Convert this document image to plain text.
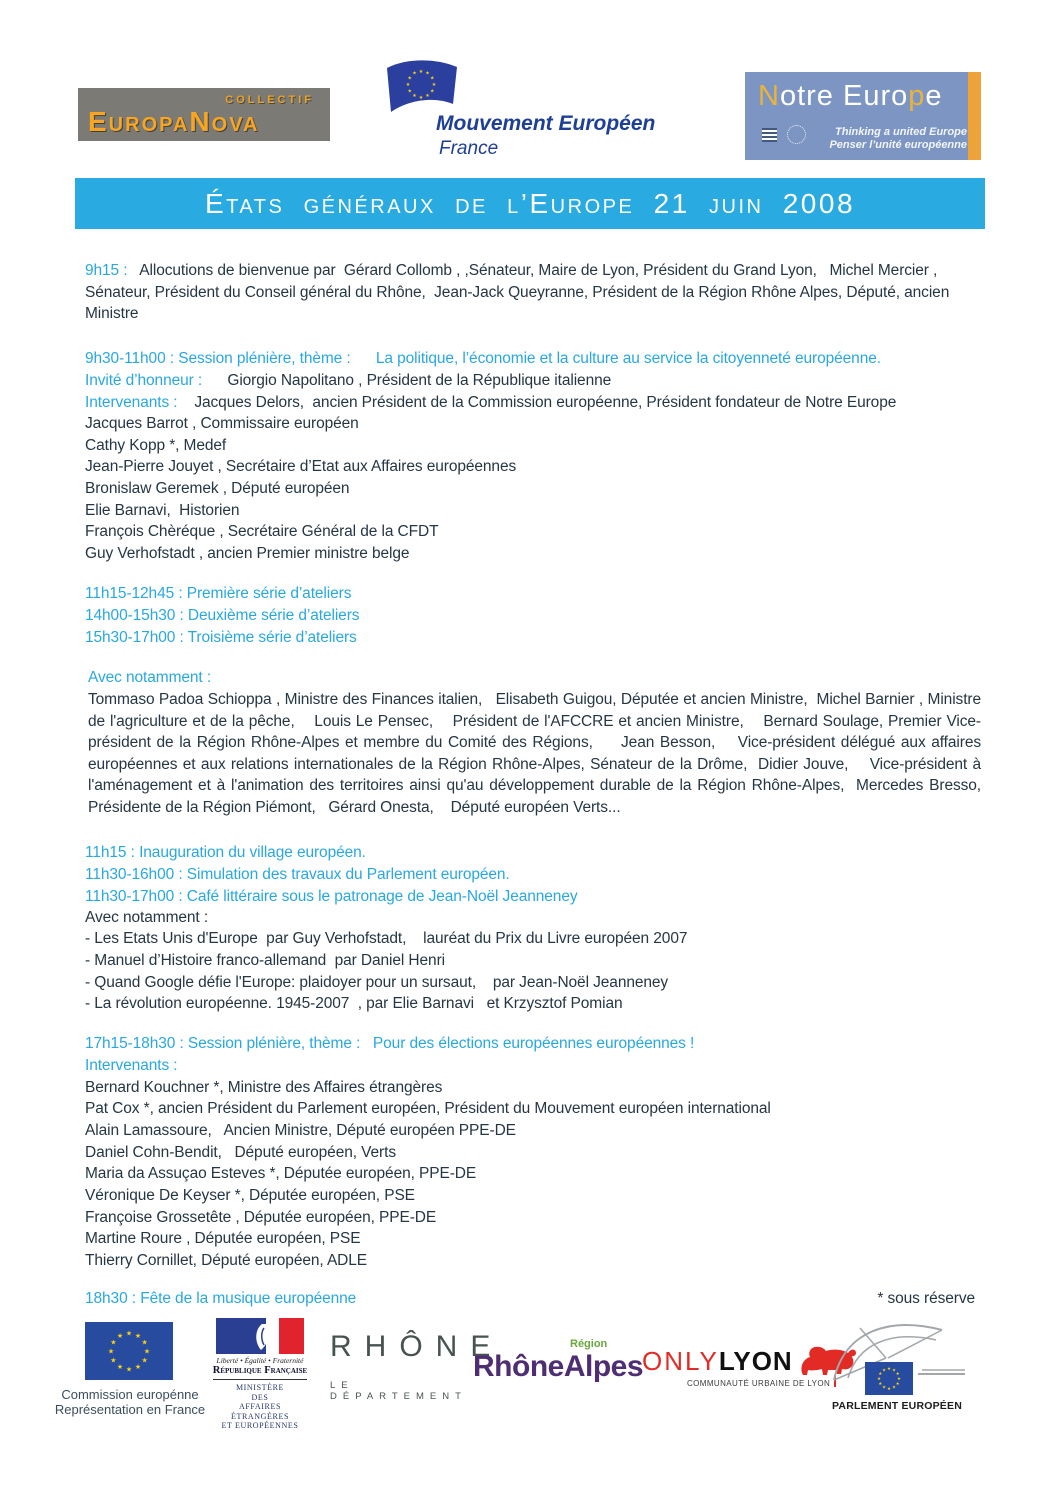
COLLECTIF
EuropaNova
★ ★
★
★
★
★
★
★
★
★
★
★
Mouvement Européen
France
Notre Europe
Thinking a united Europe
Penser l’unité européenne
États généraux de l’Europe 21 juin 2008
9h15 :   Allocutions de bienvenue par  Gérard Collomb , ,Sénateur, Maire de Lyon, Président du Grand Lyon,   Michel Mercier , Sénateur, Président du Conseil général du Rhône,  Jean-Jack Queyranne, Président de la Région Rhône Alpes, Député, ancien Ministre
9h30-11h00 : Session plénière, thème :      La politique, l’économie et la culture au service la citoyenneté européenne.
Invité d’honneur :      Giorgio Napolitano , Président de la République italienne
Intervenants :    Jacques Delors,  ancien Président de la Commission européenne, Président fondateur de Notre Europe
Jacques Barrot , Commissaire européen
Cathy Kopp *, Medef
Jean-Pierre Jouyet , Secrétaire d’Etat aux Affaires européennes
Bronislaw Geremek , Député européen
Elie Barnavi,  Historien
François Chèréque , Secrétaire Général de la CFDT
Guy Verhofstadt , ancien Premier ministre belge
11h15-12h45 : Première série d’ateliers
14h00-15h30 : Deuxième série d’ateliers
15h30-17h00 : Troisième série d’ateliers
Avec notamment :
Tommaso Padoa Schioppa , Ministre des Finances italien,   Elisabeth Guigou, Députée et ancien Ministre,  Michel Barnier , Ministre de l'agriculture et de la pêche,    Louis Le Pensec,    Président de l'AFCCRE et ancien Ministre,    Bernard Soulage, Premier Vice-président de la Région Rhône-Alpes et membre du Comité des Régions,     Jean Besson,    Vice-président délégué aux affaires européennes et aux relations internationales de la Région Rhône-Alpes, Sénateur de la Drôme,  Didier Jouve,    Vice-président à l'aménagement et à l'animation des territoires ainsi qu'au développement durable de la Région Rhône-Alpes,  Mercedes Bresso,    Présidente de la Région Piémont,   Gérard Onesta,    Député européen Verts...
11h15 : Inauguration du village européen.
11h30-16h00 : Simulation des travaux du Parlement européen.
11h30-17h00 : Café littéraire sous le patronage de Jean-Noël Jeanneney
Avec notamment :
- Les Etats Unis d'Europe  par Guy Verhofstadt,    lauréat du Prix du Livre européen 2007
- Manuel d’Histoire franco-allemand  par Daniel Henri
- Quand Google défie l'Europe: plaidoyer pour un sursaut,    par Jean-Noël Jeanneney
- La révolution européenne. 1945-2007  , par Elie Barnavi   et Krzysztof Pomian
17h15-18h30 : Session plénière, thème :   Pour des élections européennes européennes !
Intervenants :
Bernard Kouchner *, Ministre des Affaires étrangères
Pat Cox *, ancien Président du Parlement européen, Président du Mouvement européen international
Alain Lamassoure,   Ancien Ministre, Député européen PPE-DE
Daniel Cohn-Bendit,   Député européen, Verts
Maria da Assuçao Esteves *, Députée européen, PPE-DE
Véronique De Keyser *, Députée européen, PSE
Françoise Grossetête , Députée européen, PPE-DE
Martine Roure , Députée européen, PSE
Thierry Cornillet, Député européen, ADLE
18h30 : Fête de la musique européenne	* sous réserve
★ ★
★
★
★
★
★
★
★
★
★
★
Commission europénne
Représentation en France
Liberté • Égalité • Fraternité
République Française
MINISTÈRE
DES
AFFAIRES ÉTRANGÈRES
ET EUROPÉENNES
RHÔNE
LE DÉPARTEMENT
Région
RhôneAlpes
ONLY LYON
COMMUNAUTÉ URBAINE DE LYON
★ ★
★
★
★
★
★
★
★
★
★
★
PARLEMENT EUROPÉEN
